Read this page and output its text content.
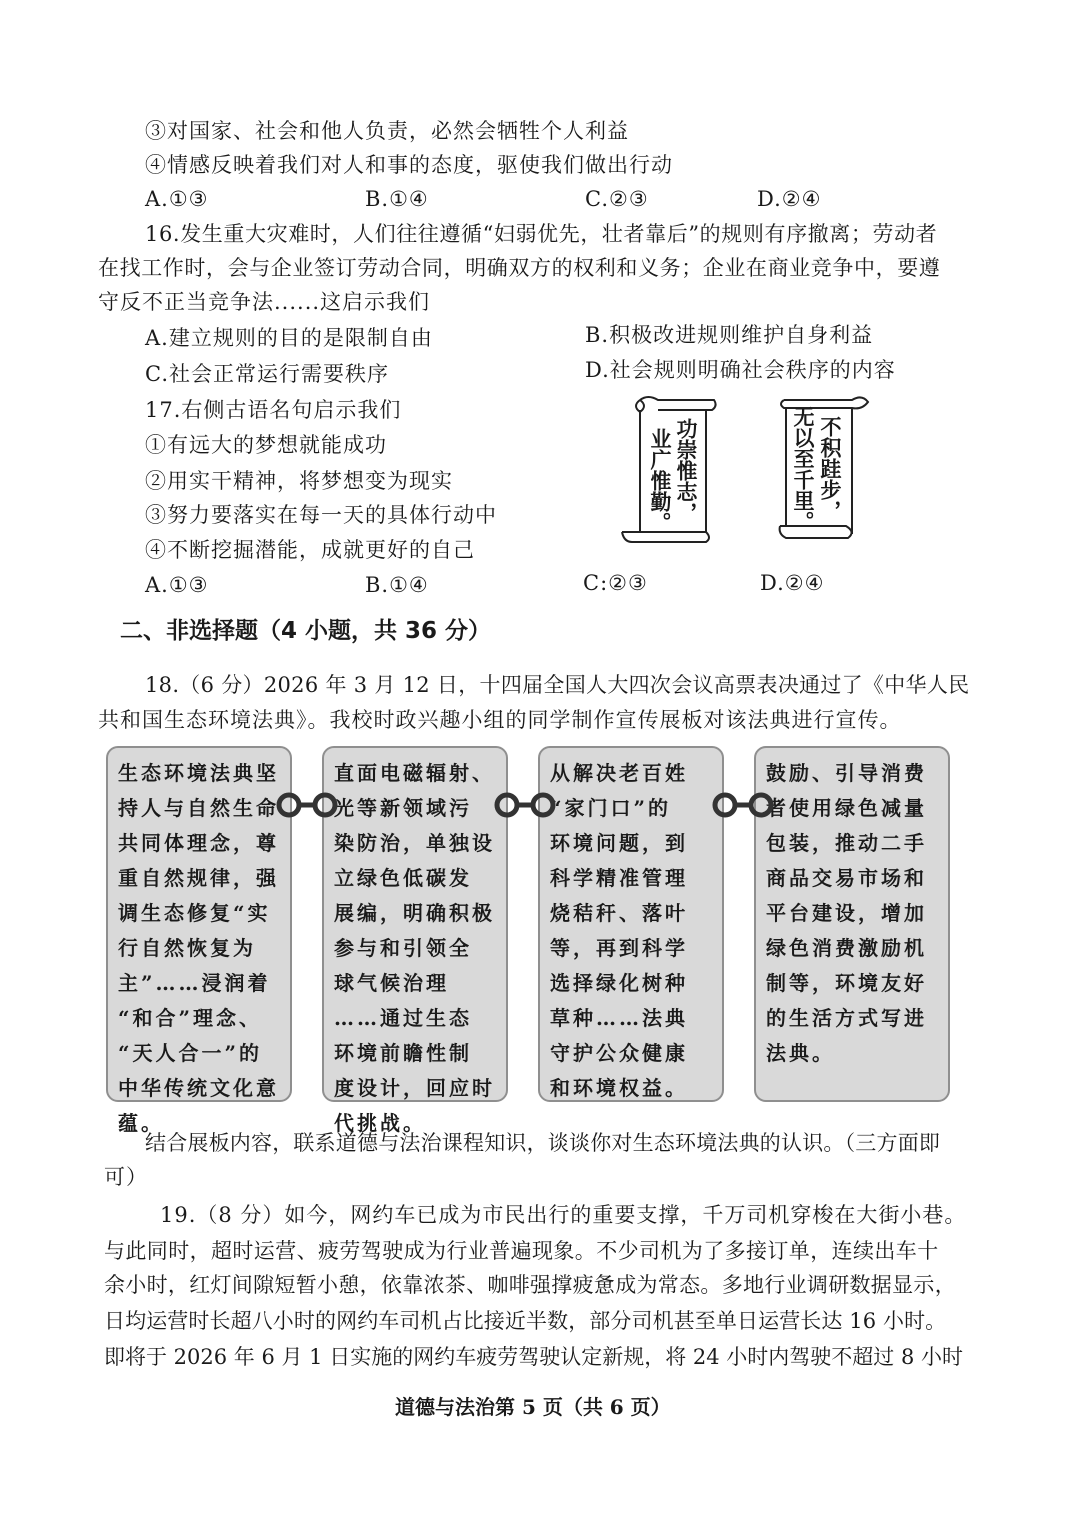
③对国家、社会和他人负责，必然会牺牲个人利益
④情感反映着我们对人和事的态度，驱使我们做出行动
A.①③	B.①④	C.②③	D.②④
16.发生重大灾难时，人们往往遵循“妇弱优先，壮者靠后”的规则有序撤离；劳动者
在找工作时，会与企业签订劳动合同，明确双方的权利和义务；企业在商业竞争中，要遵
守反不正当竞争法......这启示我们
A.建立规则的目的是限制自由	B.积极改进规则维护自身利益
C.社会正常运行需要秩序	D.社会规则明确社会秩序的内容
17.右侧古语名句启示我们
①有远大的梦想就能成功
②用实干精神，将梦想变为现实
③努力要落实在每一天的具体行动中
④不断挖掘潜能，成就更好的自己
A.①③	B.①④	C:②③	D.②④
功崇惟志，
业广惟勤。	不积跬步，
无以至千里。
二、非选择题（4 小题，共 36 分）
18.（6 分）2026 年 3 月 12 日，十四届全国人大四次会议高票表决通过了《中华人民
共和国生态环境法典》。我校时政兴趣小组的同学制作宣传展板对该法典进行宣传。
生态环境法典坚
持人与自然生命
共同体理念，尊
重自然规律，强
调生态修复“实
行自然恢复为
主”……浸润着
“和合”理念、
“天人合一”的
中华传统文化意
蕴。
直面电磁辐射、
光等新领域污
染防治，单独设
立绿色低碳发
展编，明确积极
参与和引领全
球气候治理
……通过生态
环境前瞻性制
度设计，回应时
代挑战。
从解决老百姓
“家门口”的
环境问题，到
科学精准管理
烧秸秆、落叶
等，再到科学
选择绿化树种
草种……法典
守护公众健康
和环境权益。
鼓励、引导消费
者使用绿色减量
包装，推动二手
商品交易市场和
平台建设，增加
绿色消费激励机
制等，环境友好
的生活方式写进
法典。
结合展板内容，联系道德与法治课程知识，谈谈你对生态环境法典的认识。（三方面即
可）
19.（8 分）如今，网约车已成为市民出行的重要支撑，千万司机穿梭在大街小巷。
与此同时，超时运营、疲劳驾驶成为行业普遍现象。不少司机为了多接订单，连续出车十
余小时，红灯间隙短暂小憩，依靠浓茶、咖啡强撑疲惫成为常态。多地行业调研数据显示，
日均运营时长超八小时的网约车司机占比接近半数，部分司机甚至单日运营长达 16 小时。
即将于 2026 年 6 月 1 日实施的网约车疲劳驾驶认定新规，将 24 小时内驾驶不超过 8 小时
道德与法治第 5 页（共 6 页）
